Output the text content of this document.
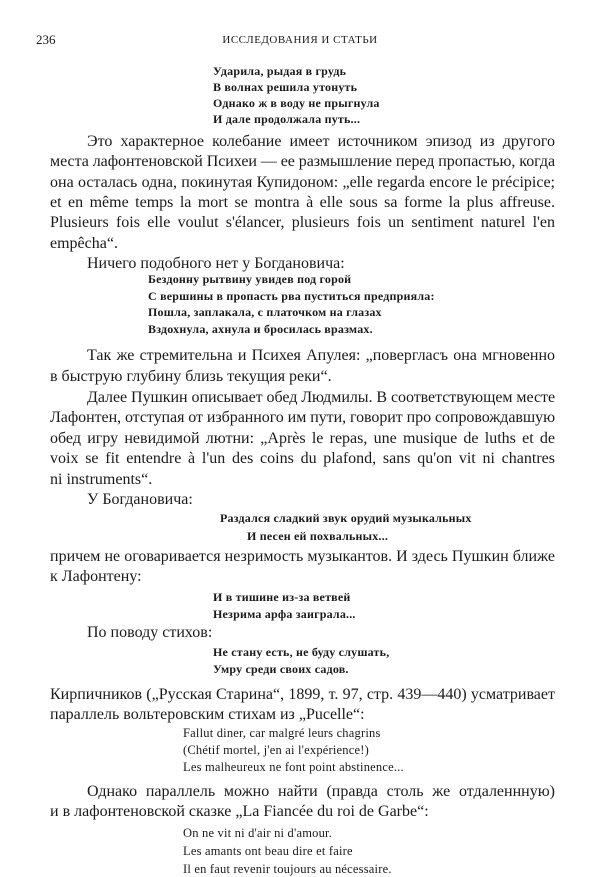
236	ИССЛЕДОВАНИЯ И СТАТЬИ
Ударила, рыдая в грудь
В волнах решила утонуть
Однако ж в воду не прыгнула
И дале продолжала путь...
Это характерное колебание имеет источником эпизод из другого
места лафонтеновской Психеи — ее размышление перед пропастью, когда
она осталась одна, покинутая Купидоном: „elle regarda encore le précipice;
et en même temps la mort se montra à elle sous sa forme la plus affreuse.
Plusieurs fois elle voulut s'élancer, plusieurs fois un sentiment naturel l'en
empêcha“.
Ничего подобного нет у Богдановича:
Бездонну рытвину увидев под горой
С вершины в пропасть рва пуститься предприяла:
Пошла, заплакала, с платочком на глазах
Вздохнула, ахнула и бросилась вразмах.
Так же стремительна и Психея Апулея: „повергласъ она мгновенно
в быструю глубину близь текущия реки“.
Далее Пушкин описывает обед Людмилы. В соответствующем месте
Лафонтен, отступая от избранного им пути, говорит про сопровождавшую
обед игру невидимой лютни: „Après le repas, une musique de luths et de
voix se fit entendre à l'un des coins du plafond, sans qu'on vit ni chantres
ni instruments“.
У Богдановича:
Раздался сладкий звук орудий музыкальных
И песен ей похвальных...
причем не оговаривается незримость музыкантов. И здесь Пушкин ближе
к Лафонтену:
И в тишине из-за ветвей
Незрима арфа заиграла...
По поводу стихов:
Не стану есть, не буду слушать,
Умру среди своих садов.
Кирпичников („Русская Старина“, 1899, т. 97, стр. 439—440) усматривает
параллель вольтеровским стихам из „Pucelle“:
Fallut diner, car malgré leurs chagrins
(Chétif mortel, j'en ai l'expérience!)
Les malheureux ne font point abstinence...
Однако параллель можно найти (правда столь же отдаленнную)
и в лафонтеновской сказке „La Fiancée du roi de Garbe“:
On ne vit ni d'air ni d'amour.
Les amants ont beau dire et faire
Il en faut revenir toujours au nécessaire.
